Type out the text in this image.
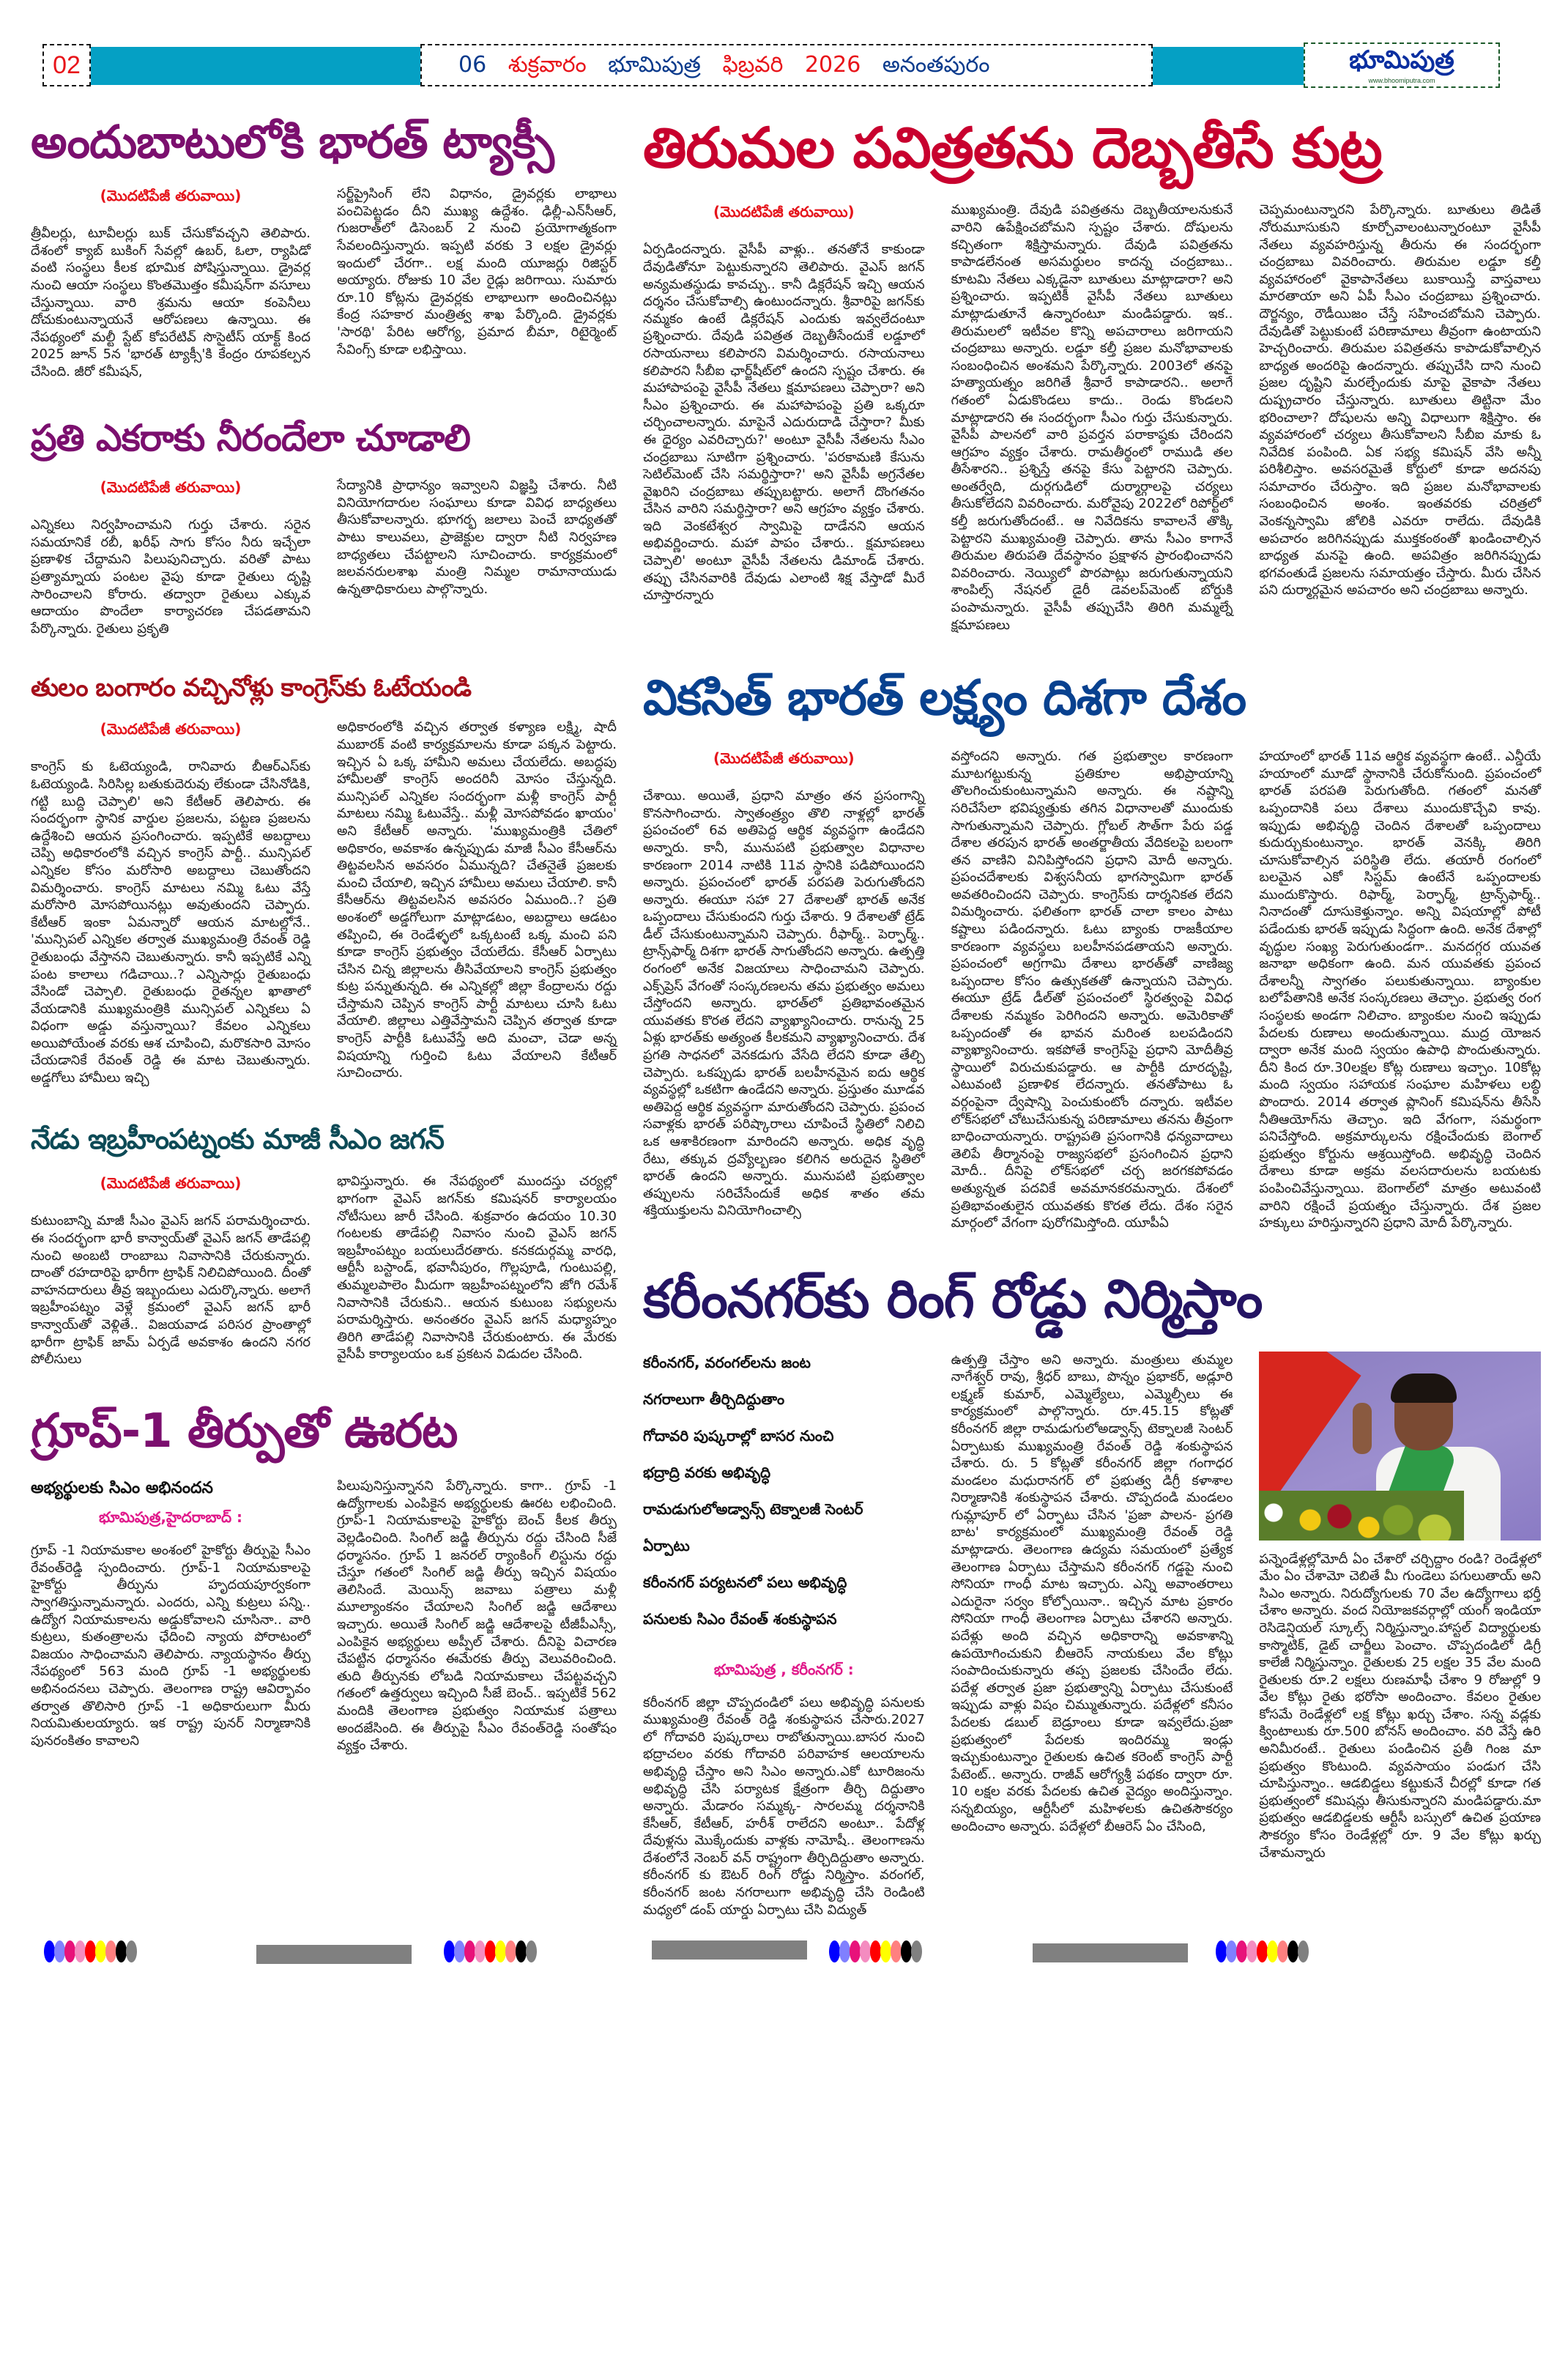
02	06 శుక్రవారం భూమిపుత్ర ఫిబ్రవరి 2026 అనంతపురం	భూమిపుత్ర
www.bhoomiputra.com
అందుబాటులోకి భారత్ ట్యాక్సీ
(మొదటిపేజీ తరువాయి)

త్రీవీలర్లు, టూవీలర్లు బుక్ చేసుకోవచ్చని తెలిపారు. దేశంలో క్యాబ్ బుకింగ్ సేవల్లో ఉబర్, ఓలా, ర్యాపిడో వంటి సంస్థలు కీలక భూమిక పోషిస్తున్నాయి. డ్రైవర్ల నుంచి ఆయా సంస్థలు కొంతమొత్తం కమీషన్‌గా వసూలు చేస్తున్నాయి. వారి శ్రమను ఆయా కంపెనీలు దోచుకుంటున్నాయనే ఆరోపణలు ఉన్నాయి. ఈ నేపథ్యంలో మల్టీ స్టేట్ కోపరేటివ్ సొసైటీస్ యాక్ట్ కింద 2025 జూన్ 5న 'భారత్ ట్యాక్సీ'కి కేంద్రం రూపకల్పన చేసింది. జీరో కమీషన్,

సర్జ్‌ప్రైసింగ్ లేని విధానం, డ్రైవర్లకు లాభాలు పంచిపెట్టడం దీని ముఖ్య ఉద్దేశం. ఢిల్లీ-ఎన్‌సీఆర్, గుజరాత్‌లో డిసెంబర్ 2 నుంచి ప్రయోగాత్మకంగా సేవలందిస్తున్నారు. ఇప్పటి వరకు 3 లక్షల డ్రైవర్లు ఇందులో చేరగా.. లక్ష మంది యూజర్లు రిజిస్టర్ అయ్యారు. రోజుకు 10 వేల రైడ్లు జరిగాయి. సుమారు రూ.10 కోట్లను డ్రైవర్లకు లాభాలుగా అందించినట్లు కేంద్ర సహకార మంత్రిత్వ శాఖ పేర్కొంది. డ్రైవర్లకు 'సారథి' పేరిట ఆరోగ్య, ప్రమాద బీమా, రిటైర్మెంట్ సేవింగ్స్ కూడా లభిస్తాయి.

ప్రతి ఎకరాకు నీరందేలా చూడాలి
(మొదటిపేజీ తరువాయి)

ఎన్నికలు నిర్వహించామని గుర్తు చేశారు. సరైన సమయానికే రబీ, ఖరీఫ్ సాగు కోసం నీరు ఇచ్చేలా ప్రణాళిక చేద్దామని పిలుపునిచ్చారు. వరితో పాటు ప్రత్యామ్నాయ పంటల వైపు కూడా రైతులు దృష్టి సారించాలని కోరారు. తద్వారా రైతులు ఎక్కువ ఆదాయం పొందేలా కార్యాచరణ చేపడతామని పేర్కొన్నారు. రైతులు ప్రకృతి

సేద్యానికి ప్రాధాన్యం ఇవ్వాలని విజ్ఞప్తి చేశారు. నీటి వినియోగదారుల సంఘాలు కూడా వివిధ బాధ్యతలు తీసుకోవాలన్నారు. భూగర్భ జలాలు పెంచే బాధ్యతతో పాటు కాలువలు, ప్రాజెక్టుల ద్వారా నీటి నిర్వహణ బాధ్యతలు చేపట్టాలని సూచించారు. కార్యక్రమంలో జలవనరులశాఖ మంత్రి నిమ్మల రామానాయుడు ఉన్నతాధికారులు పాల్గొన్నారు.

తులం బంగారం వచ్చినోళ్లు కాంగ్రెస్‌కు ఓటేయండి
(మొదటిపేజీ తరువాయి)

కాంగ్రెస్ కు ఓటెయ్యండి, రానివారు బీఆర్ఎస్‌కు ఓటెయ్యండి. సిరిసిల్ల బతుకుదెరువు లేకుండా చేసినోడికి, గట్టి బుద్ది చెప్పాలి' అని కేటీఆర్ తెలిపారు. ఈ సందర్భంగా స్థానిక వార్డుల ప్రజలను, పట్టణ ప్రజలను ఉద్దేశించి ఆయన ప్రసంగించారు. ఇప్పటికే అబద్దాలు చెప్పి అధికారంలోకి వచ్చిన కాంగ్రెస్ పార్టీ.. మున్సిపల్ ఎన్నికల కోసం మరోసారి అబద్దాలు చెబుతోందని విమర్శించారు. కాంగ్రెస్ మాటలు నమ్మి ఓటు వేస్తే మరోసారి మోసపోయినట్లు అవుతుందని చెప్పారు. కేటీఆర్ ఇంకా ఏమన్నారో ఆయన మాటల్లోనే.. 'మున్సిపల్ ఎన్నికల తర్వాత ముఖ్యమంత్రి రేవంత్ రెడ్డి రైతుబంధు వేస్తానని చెబుతున్నారు. కానీ ఇప్పటికే ఎన్ని పంట కాలాలు గడిచాయి..? ఎన్నిసార్లు రైతుబంధు వేసిండో చెప్పాలి. రైతుబంధు రైతన్నల ఖాతాలో వేయడానికి ముఖ్యమంత్రికి మున్సిపల్ ఎన్నికలు ఏ విధంగా అడ్డు వస్తున్నాయి? కేవలం ఎన్నికలు అయిపోయేంత వరకు ఆశ చూపించి, మరొకసారి మోసం చేయడానికే రేవంత్ రెడ్డి ఈ మాట చెబుతున్నారు. అడ్డగోలు హామీలు ఇచ్చి

అధికారంలోకి వచ్చిన తర్వాత కళ్యాణ లక్ష్మి, షాదీ ముబారక్ వంటి కార్యక్రమాలను కూడా పక్కన పెట్టారు. ఇచ్చిన ఏ ఒక్క హామీని అమలు చేయలేదు. అబద్ధపు హామీలతో కాంగ్రెస్ అందరినీ మోసం చేస్తున్నది. మున్సిపల్ ఎన్నికల సందర్భంగా మళ్లీ కాంగ్రెస్ పార్టీ మాటలు నమ్మి ఓటువేస్తే.. మళ్లీ మోసపోవడం ఖాయం' అని కేటీఆర్ అన్నారు. 'ముఖ్యమంత్రికి చేతిలో అధికారం, అవకాశం ఉన్నప్పుడు మాజీ సీఎం కేసీఆర్‌ను తిట్టవలసిన అవసరం ఏమున్నది? చేతనైతే ప్రజలకు మంచి చేయాలి, ఇచ్చిన హామీలు అమలు చేయాలి. కానీ కేసీఆర్‌ను తిట్టవలసిన అవసరం ఏముంది..? ప్రతి అంశంలో అడ్డగోలుగా మాట్లాడటం, అబద్దాలు ఆడటం తప్పించి, ఈ రెండేళ్ళలో ఒక్కటంటే ఒక్క మంచి పని కూడా కాంగ్రెస్ ప్రభుత్వం చేయలేదు. కేసీఆర్ ఏర్పాటు చేసిన చిన్న జిల్లాలను తీసివేయాలని కాంగ్రెస్ ప్రభుత్వం కుట్ర పన్నుతున్నది. ఈ ఎన్నికల్లో జిల్లా కేంద్రాలను రద్దు చేస్తామని చెప్పిన కాంగ్రెస్ పార్టీ మాటలు చూసి ఓటు వేయాలి. జిల్లాలు ఎత్తివేస్తామని చెప్పిన తర్వాత కూడా కాంగ్రెస్ పార్టీకి ఓటువేస్తే అది మంచా, చెడా అన్న విషయాన్ని గుర్తించి ఓటు వేయాలని కేటీఆర్ సూచించారు.

నేడు ఇబ్రహీంపట్నంకు మాజీ సీఎం జగన్
(మొదటిపేజీ తరువాయి)

కుటుంబాన్ని మాజీ సీఎం వైఎస్ జగన్ పరామర్శించారు. ఈ సందర్భంగా భారీ కాన్వాయ్‌తో వైఎస్ జగన్ తాడేపల్లి నుంచి అంబటి రాంబాబు నివాసానికి చేరుకున్నారు. దాంతో రహదారిపై భారీగా ట్రాఫిక్ నిలిచిపోయింది. దీంతో వాహనదారులు తీవ్ర ఇబ్బందులు ఎదుర్కొన్నారు. అలాగే ఇబ్రహీంపట్నం వెళ్లే క్రమంలో వైఎస్ జగన్ భారీ కాన్వాయ్‌తో వెళ్లితే.. విజయవాడ పరిసర ప్రాంతాల్లో భారీగా ట్రాఫిక్ జామ్ ఏర్పడే అవకాశం ఉందని నగర పోలీసులు

భావిస్తున్నారు. ఈ నేపథ్యంలో ముందస్తు చర్యల్లో భాగంగా వైఎస్ జగన్‌కు కమిషనర్ కార్యాలయం నోటీసులు జారీ చేసింది. శుక్రవారం ఉదయం 10.30 గంటలకు తాడేపల్లి నివాసం నుంచి వైఎస్ జగన్ ఇబ్రహీంపట్నం బయలుదేరతారు. కనకదుర్గమ్మ వారధి, ఆర్టీసీ బస్టాండ్, భవానీపురం, గొల్లపూడి, గుంటుపల్లి, తుమ్మలపాలెం మీదుగా ఇబ్రహీంపట్నంలోని జోగి రమేశ్ నివాసానికి చేరుకుని.. ఆయన కుటుంబ సభ్యులను పరామర్శిస్తారు. అనంతరం వైఎస్ జగన్ మధ్యాహ్నం తిరిగి తాడేపల్లి నివాసానికి చేరుకుంటారు. ఈ మేరకు వైసీపీ కార్యాలయం ఒక ప్రకటన విడుదల చేసింది.

గ్రూప్-1 తీర్పుతో ఊరట
అభ్యర్థులకు సిఎం అభినందన
భూమిపుత్ర,హైదరాబాద్ :

గ్రూప్ -1 నియామకాల అంశంలో హైకోర్టు తీర్పుపై సీఎం రేవంత్‌రెడ్డి స్పందించారు. గ్రూప్-1 నియామకాలపై హైకోర్టు తీర్పును హృదయపూర్వకంగా స్వాగతిస్తున్నామన్నారు. ఎందరు, ఎన్ని కుట్రలు పన్ని.. ఉద్యోగ నియామకాలను అడ్డుకోవాలని చూసినా.. వారి కుట్రలు, కుతంత్రాలను ఛేదించి న్యాయ పోరాటంలో విజయం సాధించామని తెలిపారు. న్యాయస్థానం తీర్పు నేపథ్యంలో 563 మంది గ్రూప్ -1 అభ్యర్థులకు అభినందనలు చెప్పారు. తెలంగాణ రాష్ట్ర ఆవిర్భావం తర్వాత తొలిసారి గ్రూప్ -1 అధికారులుగా మీరు నియమితులయ్యారు. ఇక రాష్ట్ర పునర్ నిర్మాణానికి పునరంకితం కావాలని

పిలుపునిస్తున్నానని పేర్కొన్నారు. కాగా.. గ్రూప్ -1 ఉద్యోగాలకు ఎంపికైన అభ్యర్థులకు ఊరట లభించింది. గ్రూప్-1 నియామకాలపై హైకోర్టు బెంచ్ కీలక తీర్పు వెల్లడించింది. సింగిల్ జడ్జి తీర్పును రద్దు చేసింది సీజే ధర్మాసనం. గ్రూప్ 1 జనరల్ ర్యాంకింగ్ లిస్టును రద్దు చేస్తూ గతంలో సింగిల్ జడ్జి తీర్పు ఇచ్చిన విషయం తెలిసిందే. మెయిన్స్ జవాబు పత్రాలు మళ్లీ మూల్యాంకనం చేయాలని సింగిల్ జడ్జి ఆదేశాలు ఇచ్చారు. అయితే సింగిల్ జడ్జి ఆదేశాలపై టీజీపీఎస్సీ, ఎంపికైన అభ్యర్థులు అప్పీల్ చేశారు. దీనిపై విచారణ చేపట్టిన ధర్మాసనం ఈమేరకు తీర్పు వెలువరించింది. తుది తీర్పునకు లోబడి నియామకాలు చేపట్టవచ్చని గతంలో ఉత్తర్వులు ఇచ్చింది సీజే బెంచ్.. ఇప్పటికే 562 మందికి తెలంగాణ ప్రభుత్వం నియామక పత్రాలు అందజేసింది. ఈ తీర్పుపై సీఎం రేవంత్‌రెడ్డి సంతోషం వ్యక్తం చేశారు.

తిరుమల పవిత్రతను దెబ్బతీసే కుట్ర
(మొదటిపేజీ తరువాయి)

ఏర్పడిందన్నారు. వైసీపీ వాళ్లు.. తనతోనే కాకుండా దేవుడితోనూ పెట్టుకున్నారని తెలిపారు. వైఎస్ జగన్ అన్యమతస్థుడు కావచ్చు.. కానీ డిక్లరేషన్ ఇచ్చి ఆయన దర్శనం చేసుకోవాల్సి ఉంటుందన్నారు. శ్రీవారిపై జగన్‌కు నమ్మకం ఉంటే డిక్లరేషన్ ఎందుకు ఇవ్వలేదంటూ ప్రశ్నించారు. దేవుడి పవిత్రత దెబ్బతీసేందుకే లడ్డూలో రసాయనాలు కలిపారని విమర్శించారు. రసాయనాలు కలిపారని సీబీఐ ఛార్జ్‌షీట్‌లో ఉందని స్పష్టం చేశారు. ఈ మహాపాపంపై వైసీపీ నేతలు క్షమాపణలు చెప్పారా? అని సీఎం ప్రశ్నించారు. ఈ మహాపాపంపై ప్రతి ఒక్కరూ చర్చించాలన్నారు. మాపైనే ఎదురుదాడి చేస్తారా? మీకు ఈ ధైర్యం ఎవరిచ్చారు?' అంటూ వైసీపీ నేతలను సీఎం చంద్రబాబు సూటిగా ప్రశ్నించారు. 'పరకామణి కేసును సెటిల్‌మెంట్ చేసి సమర్థిస్తారా?' అని వైసీపీ అగ్రనేతల వైఖరిని చంద్రబాబు తప్పుబట్టారు. అలాగే దొంగతనం చేసిన వారిని సమర్థిస్తారా? అని ఆగ్రహం వ్యక్తం చేశారు. ఇది వెంకటేశ్వర స్వామిపై దాడేనని ఆయన అభివర్ణించారు. మహా పాపం చేశారు.. క్షమాపణలు చెప్పాలి' అంటూ వైసీపీ నేతలను డిమాండ్ చేశారు. తప్పు చేసినవారికి దేవుడు ఎలాంటి శిక్ష వేస్తాడో మీరే చూస్తారన్నారు

ముఖ్యమంత్రి. దేవుడి పవిత్రతను దెబ్బతీయాలనుకునే వారిని ఉపేక్షించబోమని స్పష్టం చేశారు. దోషులను కచ్చితంగా శిక్షిస్తామన్నారు. దేవుడి పవిత్రతను కాపాడలేనంత అసమర్థులం కాదన్న చంద్రబాబు.. కూటమి నేతలు ఎక్కడైనా బూతులు మాట్లాడారా? అని ప్రశ్నించారు. ఇప్పటికీ వైసీపీ నేతలు బూతులు మాట్లాడుతూనే ఉన్నారంటూ మండిపడ్డారు. ఇక.. తిరుమలలో ఇటీవల కొన్ని అపచారాలు జరిగాయని చంద్రబాబు అన్నారు. లడ్డూ కల్తీ ప్రజల మనోభావాలకు సంబంధించిన అంశమని పేర్కొన్నారు. 2003లో తనపై హత్యాయత్నం జరిగితే శ్రీవారే కాపాడారని.. అలాగే గతంలో ఏడుకొండలు కాదు.. రెండు కొండలని మాట్లాడారని ఈ సందర్భంగా సీఎం గుర్తు చేసుకున్నారు. వైసీపీ పాలనలో వారి ప్రవర్తన పరాకాష్ఠకు చేరిందని ఆగ్రహం వ్యక్తం చేశారు. రామతీర్థంలో రాముడి తల తీసేశారని.. ప్రశ్నిస్తే తనపై కేసు పెట్టారని చెప్పారు. అంతర్వేది, దుర్గగుడిలో దుర్మార్గాలపై చర్యలు తీసుకోలేదని వివరించారు. మరోవైపు 2022లో రిపోర్ట్‌లో కల్తీ జరుగుతోందంటే.. ఆ నివేదికను కావాలనే తొక్కి పెట్టారని ముఖ్యమంత్రి చెప్పారు. తాను సీఎం కాగానే తిరుమల తిరుపతి దేవస్థానం ప్రక్షాళన ప్రారంభించానని వివరించారు. నెయ్యిలో పొరపాట్లు జరుగుతున్నాయని శాంపిల్స్ నేషనల్ డైరీ డెవలప్‌మెంట్ బోర్డుకి పంపామన్నారు. వైసీపీ తప్పుచేసి తిరిగి మమ్మల్నే క్షమాపణలు

చెప్పమంటున్నారని పేర్కొన్నారు. బూతులు తిడితే నోరుమూసుకుని కూర్చోవాలంటున్నారంటూ వైసీపీ నేతలు వ్యవహరిస్తున్న తీరును ఈ సందర్భంగా చంద్రబాబు వివరించారు. తిరుమల లడ్డూ కల్తీ వ్యవహారంలో వైకాపానేతలు బుకాయిస్తే వాస్తవాలు మారతాయా అని ఏపీ సీఎం చంద్రబాబు ప్రశ్నించారు. దౌర్జన్యం, రౌడీయిజం చేస్తే సహించబోమని చెప్పారు. దేవుడితో పెట్టుకుంటే పరిణామాలు తీవ్రంగా ఉంటాయని హెచ్చరించారు. తిరుమల పవిత్రతను కాపాడుకోవాల్సిన బాధ్యత అందరిపై ఉందన్నారు. తప్పుచేసి దాని నుంచి ప్రజల దృష్టిని మరల్చేందుకు మాపై వైకాపా నేతలు దుష్ప్రచారం చేస్తున్నారు. బూతులు తిట్టినా మేం భరించాలా? దోషులను అన్ని విధాలుగా శిక్షిస్తాం. ఈ వ్యవహారంలో చర్యలు తీసుకోవాలని సీబీఐ మాకు ఓ నివేదిక పంపింది. ఏక సభ్య కమిషన్ వేసి అన్నీ పరిశీలిస్తాం. అవసరమైతే కోర్టులో కూడా అదనపు సమాచారం చేరుస్తాం. ఇది ప్రజల మనోభావాలకు సంబంధించిన అంశం. ఇంతవరకు చరిత్రలో వెంకన్నస్వామి జోలికి ఎవరూ రాలేదు. దేవుడికి అపచారం జరిగినప్పుడు ముక్తకంఠంతో ఖండించాల్సిన బాధ్యత మనపై ఉంది. అపవిత్రం జరిగినప్పుడు భగవంతుడే ప్రజలను సమాయత్తం చేస్తారు. మీరు చేసిన పని దుర్మార్గమైన అపచారం అని చంద్రబాబు అన్నారు.

వికసిత్ భారత్ లక్ష్యం దిశగా దేశం
(మొదటిపేజీ తరువాయి)

చేశాయి. అయితే, ప్రధాని మాత్రం తన ప్రసంగాన్ని కొనసాగించారు. స్వాతంత్ర్యం తొలి నాళ్లల్లో భారత్ ప్రపంచంలో 6వ అతిపెద్ద ఆర్థిక వ్యవస్థగా ఉండేదని అన్నారు. కానీ, మునుపటి ప్రభుత్వాల విధానాల కారణంగా 2014 నాటికి 11వ స్థానికి పడిపోయిందని అన్నారు. ప్రపంచంలో భారత్ పరపతి పెరుగుతోందని అన్నారు. ఈయూ సహా 27 దేశాలతో భారత్ అనేక ఒప్పందాలు చేసుకుందని గుర్తు చేశారు. 9 దేశాలతో ట్రేడ్ డీల్ చేసుకుంటున్నామని చెప్పారు. రీఫార్మ్.. పెర్ఫార్మ్.. ట్రాన్స్‌ఫార్మ్ దిశగా భారత్ సాగుతోందని అన్నారు. ఉత్పత్తి రంగంలో అనేక విజయాలు సాధించామని చెప్పారు. ఎక్స్‌ప్రెస్ వేగంతో సంస్కరణలను తమ ప్రభుత్వం అమలు చేస్తోందని అన్నారు. భారత్‌లో ప్రతిభావంతమైన యువతకు కొరత లేదని వ్యాఖ్యానించారు. రానున్న 25 ఏళ్లు భారత్‌కు అత్యంత కీలకమని వ్యాఖ్యానించారు. దేశ ప్రగతి సాధనలో వెనకడుగు వేసేది లేదని కూడా తేల్చి చెప్పారు. ఒకప్పుడు భారత్ బలహీనమైన ఐదు ఆర్థిక వ్యవస్థల్లో ఒకటిగా ఉండేదని అన్నారు. ప్రస్తుతం మూడవ అతిపెద్ద ఆర్థిక వ్యవస్థగా మారుతోందని చెప్పారు. ప్రపంచ సవాళ్లకు భారత్ పరిష్కారాలు చూపించే స్థితిలో నిలిచి ఒక ఆశాకిరణంగా మారిందని అన్నారు. అధిక వృద్ధి రేటు, తక్కువ ద్రవ్యోల్బణం కలిగిన అరుదైన స్థితిలో భారత్ ఉందని అన్నారు. మునుపటి ప్రభుత్వాల తప్పులను సరిచేసేందుకే అధిక శాతం తమ శక్తియుక్తులను వినియోగించాల్సి

వస్తోందని అన్నారు. గత ప్రభుత్వాల కారణంగా మూటగట్టుకున్న ప్రతికూల అభిప్రాయాన్ని తొలగించుకుంటున్నామని అన్నారు. ఈ నష్టాన్ని సరిచేసేలా భవిష్యత్తుకు తగిన విధానాలతో ముందుకు సాగుతున్నామని చెప్పారు. గ్లోబల్ సౌత్‌గా పేరు పడ్డ దేశాల తరపున భారత్ అంతర్జాతీయ వేదికలపై బలంగా తన వాణిని వినిపిస్తోందని ప్రధాని మోదీ అన్నారు. ప్రపంచదేశాలకు విశ్వసనీయ భాగస్వామిగా భారత్ అవతరించిందని చెప్పారు. కాంగ్రెస్‌కు దార్శనికత లేదని విమర్శించారు. ఫలితంగా భారత్ చాలా కాలం పాటు కష్టాలు పడిందన్నారు. ఓటు బ్యాంకు రాజకీయాల కారణంగా వ్యవస్థలు బలహీనపడతాయని అన్నారు. ప్రపంచంలో అగ్రగామి దేశాలు భారత్‌తో వాణిజ్య ఒప్పందాల కోసం ఉత్సుకతతో ఉన్నాయని చెప్పారు. ఈయూ ట్రేడ్ డీల్‌తో ప్రపంచంలో స్థిరత్వంపై వివిధ దేశాలకు నమ్మకం పెరిగిందని అన్నారు. అమెరికాతో ఒప్పందంతో ఈ భావన మరింత బలపడిందని వ్యాఖ్యానించారు. ఇకపోతే కాంగ్రెస్‌పై ప్రధాని మోదీతీవ్ర స్థాయిలో విరుచుకుపడ్డారు. ఆ పార్టీకి దూరదృష్టి, ఎటువంటి ప్రణాళిక లేదన్నారు. తనతోపాటు ఓ వర్గంపైనా ద్వేషాన్ని పెంచుకుంటోం దన్నారు. ఇటీవల లోక్‌సభలో చోటుచేసుకున్న పరిణామాలు తనను తీవ్రంగా బాధించాయన్నారు. రాష్ట్రపతి ప్రసంగానికి ధన్యవాదాలు తెలిపే తీర్మానంపై రాజ్యసభలో ప్రసంగించిన ప్రధాని మోదీ.. దీనిపై లోక్‌సభలో చర్చ జరగకపోవడం అత్యున్నత పదవికే అవమానకరమన్నారు. దేశంలో ప్రతిభావంతులైన యువతకు కొరత లేదు. దేశం సరైన మార్గంలో వేగంగా పురోగమిస్తోంది. యూపీఏ

హయాంలో భారత్ 11వ ఆర్థిక వ్యవస్థగా ఉంటే.. ఎన్డీయే హయాంలో మూడో స్థానానికి చేరుకోనుంది. ప్రపంచంలో భారత్ పరపతి పెరుగుతోంది. గతంలో మనతో ఒప్పందానికి పలు దేశాలు ముందుకొచ్చేవి కావు. ఇప్పుడు అభివృద్ధి చెందిన దేశాలతో ఒప్పందాలు కుదుర్చుకుంటున్నాం. భారత్ వెనక్కి తిరిగి చూసుకోవాల్సిన పరిస్థితి లేదు. తయారీ రంగంలో బలమైన ఎకో సిస్టమ్ ఉంటేనే ఒప్పందాలకు ముందుకొస్తారు. రిఫార్మ్, పెర్ఫార్మ్, ట్రాన్స్‌ఫార్మ్.. నినాదంతో దూసుకెళ్తున్నాం. అన్ని విషయాల్లో పోటీ పడేందుకు భారత్ ఇప్పుడు సిద్ధంగా ఉంది. అనేక దేశాల్లో వృద్ధుల సంఖ్య పెరుగుతుండగా.. మనదగ్గర యువత జనాభా అధికంగా ఉంది. మన యువతకు ప్రపంచ దేశాలన్నీ స్వాగతం పలుకుతున్నాయి. బ్యాంకుల బలోపేతానికి అనేక సంస్కరణలు తెచ్చాం. ప్రభుత్వ రంగ సంస్థలకు అండగా నిలిచాం. బ్యాంకుల నుంచి ఇప్పుడు పేదలకు రుణాలు అందుతున్నాయి. ముద్ర యోజన ద్వారా అనేక మంది స్వయం ఉపాధి పొందుతున్నారు. దీని కింద రూ.30లక్షల కోట్ల రుణాలు ఇచ్చాం. 10కోట్ల మంది స్వయం సహాయక సంఘాల మహిళలు లబ్ధి పొందారు. 2014 తర్వాత ప్లానింగ్ కమిషన్‌ను తీసేసి నీతిఆయోగ్‌ను తెచ్చాం. ఇది వేగంగా, సమర్థంగా పనిచేస్తోంది. అక్రమార్కులను రక్షించేందుకు బెంగాల్ ప్రభుత్వం కోర్టును ఆశ్రయిస్తోంది. అభివృద్ధి చెందిన దేశాలు కూడా అక్రమ వలసదారులను బయటకు పంపించివేస్తున్నాయి. బెంగాల్‌లో మాత్రం అటువంటి వారిని రక్షించే ప్రయత్నం చేస్తున్నారు. దేశ ప్రజల హక్కులు హరిస్తున్నారని ప్రధాని మోదీ పేర్కొన్నారు.

కరీంనగర్‌కు రింగ్ రోడ్డు నిర్మిస్తాం
కరీంనగర్, వరంగల్‌లను జంట
నగరాలుగా తీర్చిదిద్దుతాం
గోదావరి పుష్కరాల్లో బాసర నుంచి
భద్రాద్రి వరకు అభివృద్ధి
రామడుగులోఅడ్వాన్స్ టెక్నాలజీ సెంటర్
ఏర్పాటు
కరీంనగర్ పర్యటనలో పలు అభివృద్ధి
పనులకు సిఎం రేవంత్ శంకుస్థాపన
భూమిపుత్ర , కరీంనగర్ :

కరీంనగర్ జిల్లా చొప్పదండిలో పలు అభివృద్ధి పనులకు ముఖ్యమంత్రి రేవంత్ రెడ్డి శంకుస్థాపన చేసారు.2027 లో గోదావరి పుష్కరాలు రాబోతున్నాయి.బాసర నుంచి భద్రాచలం వరకు గోదావరి పరివాహక ఆలయాలను అభివృద్ధి చేస్తాం అని సిఎం అన్నారు.ఎకో టూరిజంను అభివృద్ధి చేసి పర్యాటక క్షేత్రంగా తీర్చి దిద్దుతాం అన్నారు. మేడారం సమ్మక్క- సారలమ్మ దర్శనానికి కేసీఆర్, కేటీఆర్, హరీశ్ రాలేదని అంటూ.. పేదోళ్ల దేవుళ్లను మొక్కేందుకు వాళ్లకు నామోషీ.. తెలంగాణను దేశంలోనే నెంబర్ వన్ రాష్ట్రంగా తీర్చిదిద్దుతాం అన్నారు. కరీంనగర్ కు ఔటర్ రింగ్ రోడ్డు నిర్మిస్తాం. వరంగల్, కరీంనగర్ జంట నగరాలుగా అభివృద్ధి చేసి రెండింటి మధ్యలో డంప్ యార్డు ఏర్పాటు చేసి విద్యుత్

ఉత్పత్తి చేస్తాం అని అన్నారు. మంత్రులు తుమ్మల నాగేశ్వర్ రావు, శ్రీధర్ బాబు, పొన్నం ప్రభాకర్, అడ్లూరి లక్ష్మణ్ కుమార్, ఎమ్మెల్యేలు, ఎమ్మెల్సీలు ఈ కార్యక్రమంలో పాల్గొన్నారు. రూ.45.15 కోట్లతో కరీంనగర్ జిల్లా రామడుగులోఅడ్వాన్స్ టెక్నాలజీ సెంటర్ ఏర్పాటుకు ముఖ్యమంత్రి రేవంత్ రెడ్డి శంకుస్థాపన చేశారు. రు. 5 కోట్లతో కరీంనగర్ జిల్లా గంగాధర మండలం మధురానగర్ లో ప్రభుత్వ డిగ్రీ కళాశాల నిర్మాణానికి శంకుస్థాపన చేశారు. చొప్పదండి మండలం గుమ్లాపూర్ లో ఏర్పాటు చేసిన 'ప్రజా పాలన- ప్రగతి బాట' కార్యక్రమంలో ముఖ్యమంత్రి రేవంత్ రెడ్డి మాట్లాడారు. తెలంగాణ ఉద్యమ సమయంలో ప్రత్యేక తెలంగాణ ఏర్పాటు చేస్తామని కరీంనగర్ గడ్డపై నుంచి సోనియా గాంధీ మాట ఇచ్చారు. ఎన్ని అవాంతరాలు ఎదురైనా సర్వం కోల్పోయినా.. ఇచ్చిన మాట ప్రకారం సోనియా గాంధీ తెలంగాణ ఏర్పాటు చేశారని అన్నారు. పదేళ్లు అంది వచ్చిన అధికారాన్ని అవకాశాన్ని ఉపయోగించుకుని బీఆరెస్ నాయకులు వేల కోట్లు సంపాదించుకున్నారు తప్ప ప్రజలకు చేసిందేం లేదు. పదేళ్ల తర్వాత ప్రజా ప్రభుత్వాన్ని ఏర్పాటు చేసుకుంటే ఇప్పుడు వాళ్లు విషం చిమ్ముతున్నారు. పదేళ్లలో కనీసం పేదలకు డబుల్ బెడ్రూంలు కూడా ఇవ్వలేదు.ప్రజా ప్రభుత్వంలో పేదలకు ఇందిరమ్మ ఇండ్లు ఇచ్చుకుంటున్నాం రైతులకు ఉచిత కరెంట్ కాంగ్రెస్ పార్టీ పేటెంట్.. అన్నారు. రాజీవ్ ఆరోగ్యశ్రీ పథకం ద్వారా రూ. 10 లక్షల వరకు పేదలకు ఉచిత వైద్యం అందిస్తున్నాం. సన్నబియ్యం, ఆర్టీసీలో మహిళలకు ఉచితసౌకర్యం అందించాం అన్నారు. పదేళ్లలో బీఆరెస్ ఏం చేసింది,

పన్నెండేళ్లల్లోమోదీ ఏం చేశారో చర్చిద్దాం రండి? రెండేళ్లలో మేం ఏం చేశామో చెబితే మీ గుండెలు పగులుతాయ్ అని సిఎం అన్నారు. నిరుద్యోగులకు 70 వేల ఉద్యోగాలు భర్తీ చేశాం అన్నారు. వంద నియోజకవర్గాల్లో యంగ్ ఇండియా రెసిడెన్షియల్ స్కూల్స్ నిర్మిస్తున్నాం.హాస్టల్ విద్యార్థులకు కాస్మొటిక్, డైట్ చార్జీలు పెంచాం. చొప్పదండిలో డిగ్రీ కాలేజీ నిర్మిస్తున్నాం. రైతులకు 25 లక్షల 35 వేల మంది రైతులకు రూ.2 లక్షలు రుణమాఫీ చేశాం 9 రోజుల్లో 9 వేల కోట్లు రైతు భరోసా అందించాం. కేవలం రైతుల కోసమే రెండేళ్లలో లక్ష కోట్లు ఖర్చు చేశాం. సన్న వడ్లకు క్వింటాలుకు రూ.500 బోనస్ అందించాం. వరి వేస్తే ఉరి అనిమీరంటే.. రైతులు పండించిన ప్రతీ గింజ మా ప్రభుత్వం కొంటుంది. వ్యవసాయం పండుగ చేసి చూపిస్తున్నాం.. ఆడబిడ్డలు కట్టుకునే చీరల్లో కూడా గత ప్రభుత్వంలో కమిషన్లు తీసుకున్నారని మండిపడ్డారు.మా ప్రభుత్వం ఆడబిడ్డలకు ఆర్టీసీ బస్సులో ఉచిత ప్రయాణ సౌకర్యం కోసం రెండేళ్లల్లో రూ. 9 వేల కోట్లు ఖర్చు చేశామన్నారు
